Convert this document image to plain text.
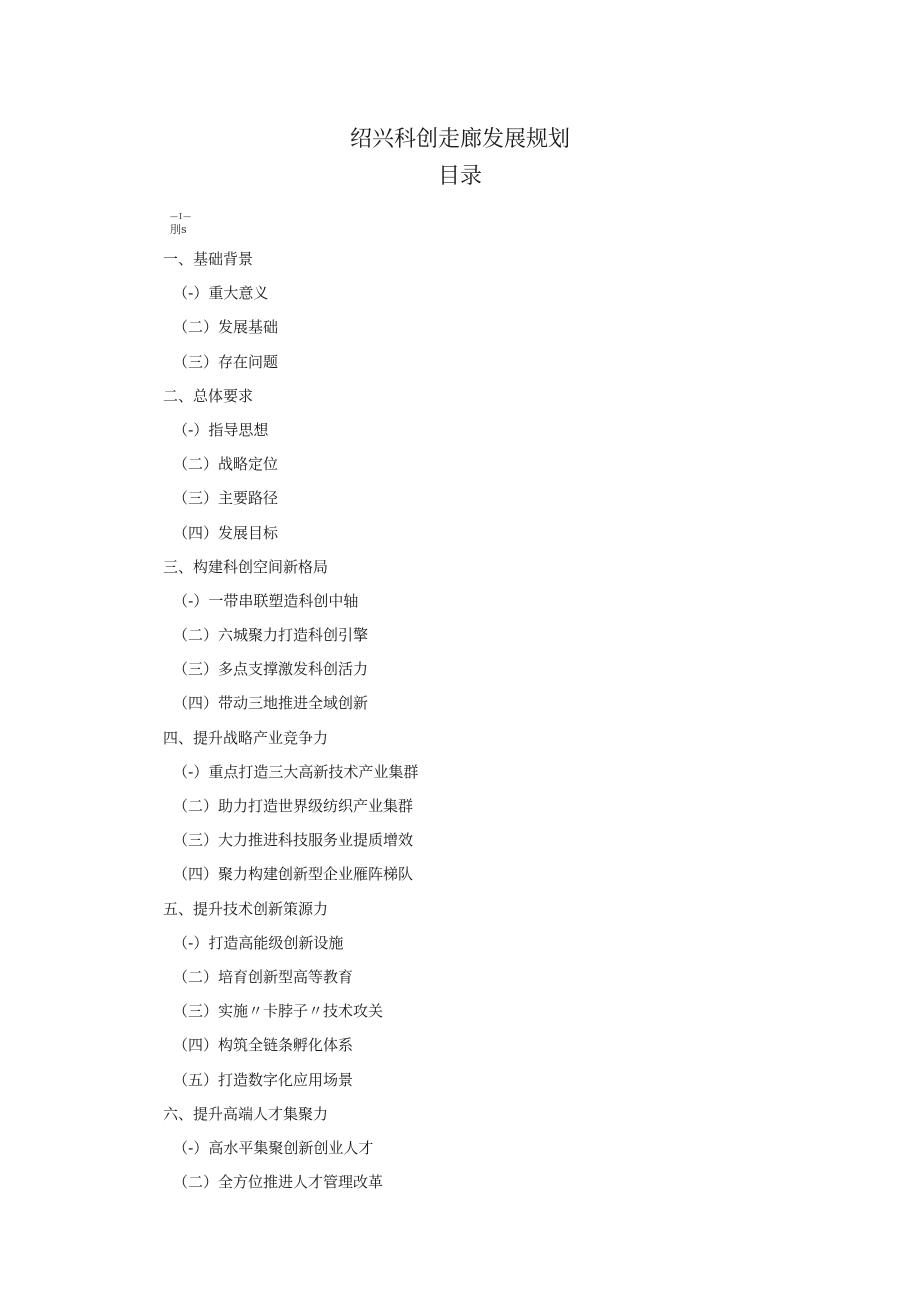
绍兴科创走廊发展规划
目录
—I—
刖s
一、基础背景
（-）重大意义
（二）发展基础
（三）存在问题
二、总体要求
（-）指导思想
（二）战略定位
（三）主要路径
（四）发展目标
三、构建科创空间新格局
（-）一带串联塑造科创中轴
（二）六城聚力打造科创引擎
（三）多点支撑激发科创活力
（四）带动三地推进全域创新
四、提升战略产业竞争力
（-）重点打造三大高新技术产业集群
（二）助力打造世界级纺织产业集群
（三）大力推进科技服务业提质增效
（四）聚力构建创新型企业雁阵梯队
五、提升技术创新策源力
（-）打造高能级创新设施
（二）培育创新型高等教育
（三）实施〃卡脖子〃技术攻关
（四）构筑全链条孵化体系
（五）打造数字化应用场景
六、提升高端人才集聚力
（-）高水平集聚创新创业人才
（二）全方位推进人才管理改革
